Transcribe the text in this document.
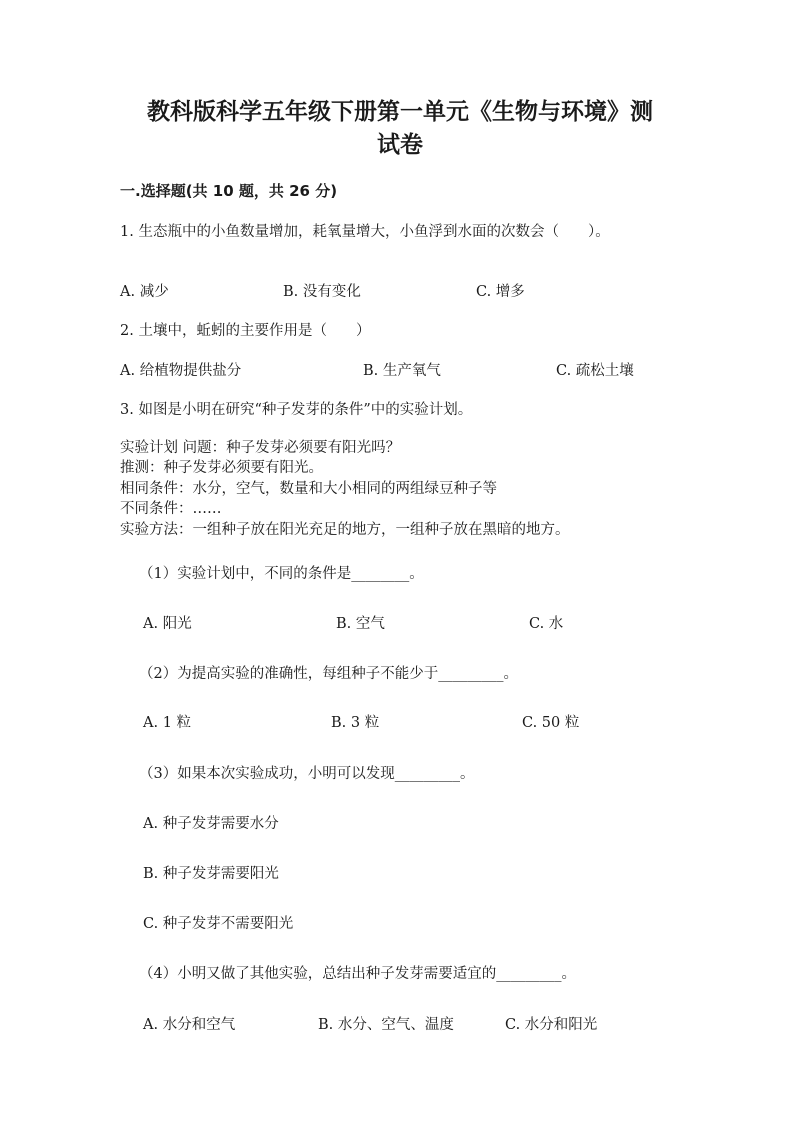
教科版科学五年级下册第一单元《生物与环境》测
试卷
一.选择题(共 10 题，共 26 分)
1. 生态瓶中的小鱼数量增加，耗氧量增大，小鱼浮到水面的次数会（　　）。
A. 减少	B. 没有变化	C. 增多
2. 土壤中，蚯蚓的主要作用是（　　）
A. 给植物提供盐分	B. 生产氧气	C. 疏松土壤
3. 如图是小明在研究“种子发芽的条件”中的实验计划。
实验计划 问题：种子发芽必须要有阳光吗？
推测：种子发芽必须要有阳光。
相同条件：水分，空气，数量和大小相同的两组绿豆种子等
不同条件：……
实验方法：一组种子放在阳光充足的地方，一组种子放在黑暗的地方。
（1）实验计划中，不同的条件是________。
A. 阳光	B. 空气	C. 水
（2）为提高实验的准确性，每组种子不能少于_________。
A. 1 粒	B. 3 粒	C. 50 粒
（3）如果本次实验成功，小明可以发现_________。
A. 种子发芽需要水分
B. 种子发芽需要阳光
C. 种子发芽不需要阳光
（4）小明又做了其他实验，总结出种子发芽需要适宜的_________。
A. 水分和空气	B. 水分、空气、温度	C. 水分和阳光
